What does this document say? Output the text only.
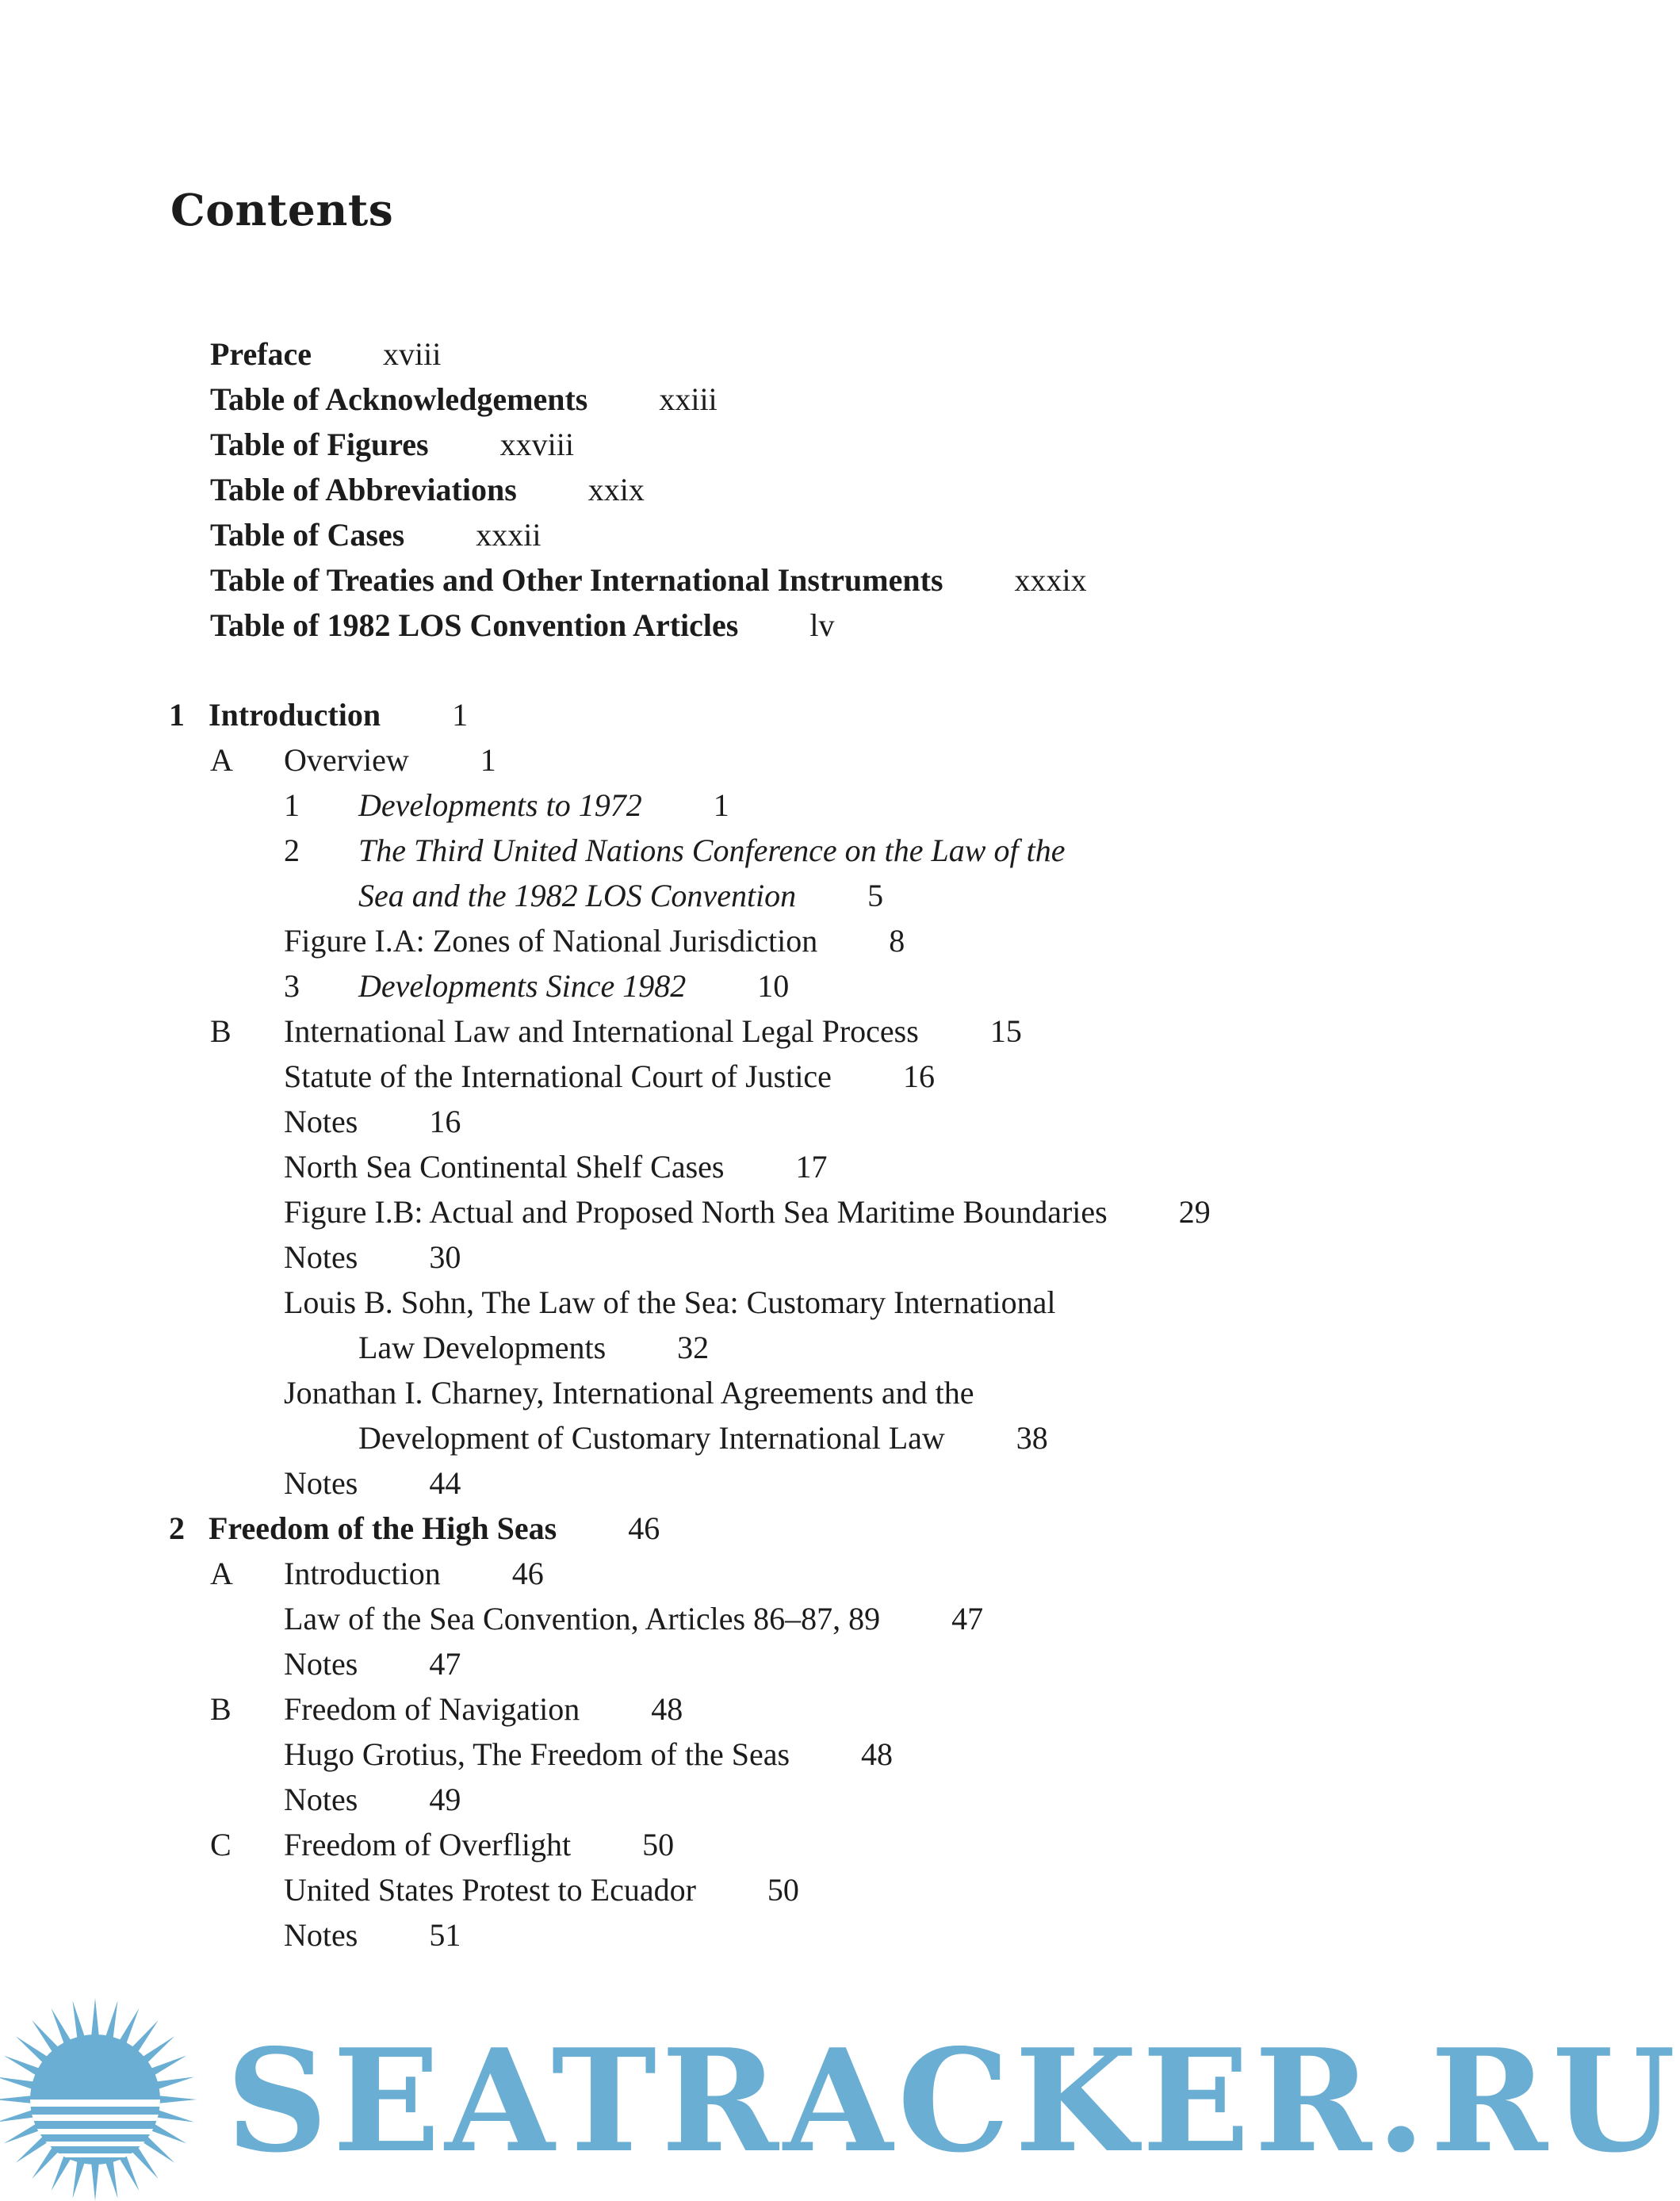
Contents
Preface xviii
Table of Acknowledgements xxiii
Table of Figures xxviii
Table of Abbreviations xxix
Table of Cases xxxii
Table of Treaties and Other International Instruments xxxix
Table of 1982 LOS Convention Articles lv
1 Introduction 1
A Overview 1
1 Developments to 1972 1
2 The Third United Nations Conference on the Law of the
Sea and the 1982 LOS Convention 5
Figure I.A: Zones of National Jurisdiction 8
3 Developments Since 1982 10
B International Law and International Legal Process 15
Statute of the International Court of Justice 16
Notes 16
North Sea Continental Shelf Cases 17
Figure I.B: Actual and Proposed North Sea Maritime Boundaries 29
Notes 30
Louis B. Sohn, The Law of the Sea: Customary International
Law Developments 32
Jonathan I. Charney, International Agreements and the
Development of Customary International Law 38
Notes 44
2 Freedom of the High Seas 46
A Introduction 46
Law of the Sea Convention, Articles 86–87, 89 47
Notes 47
B Freedom of Navigation 48
Hugo Grotius, The Freedom of the Seas 48
Notes 49
C Freedom of Overflight 50
United States Protest to Ecuador 50
Notes 51
SEATRACKER.RU
